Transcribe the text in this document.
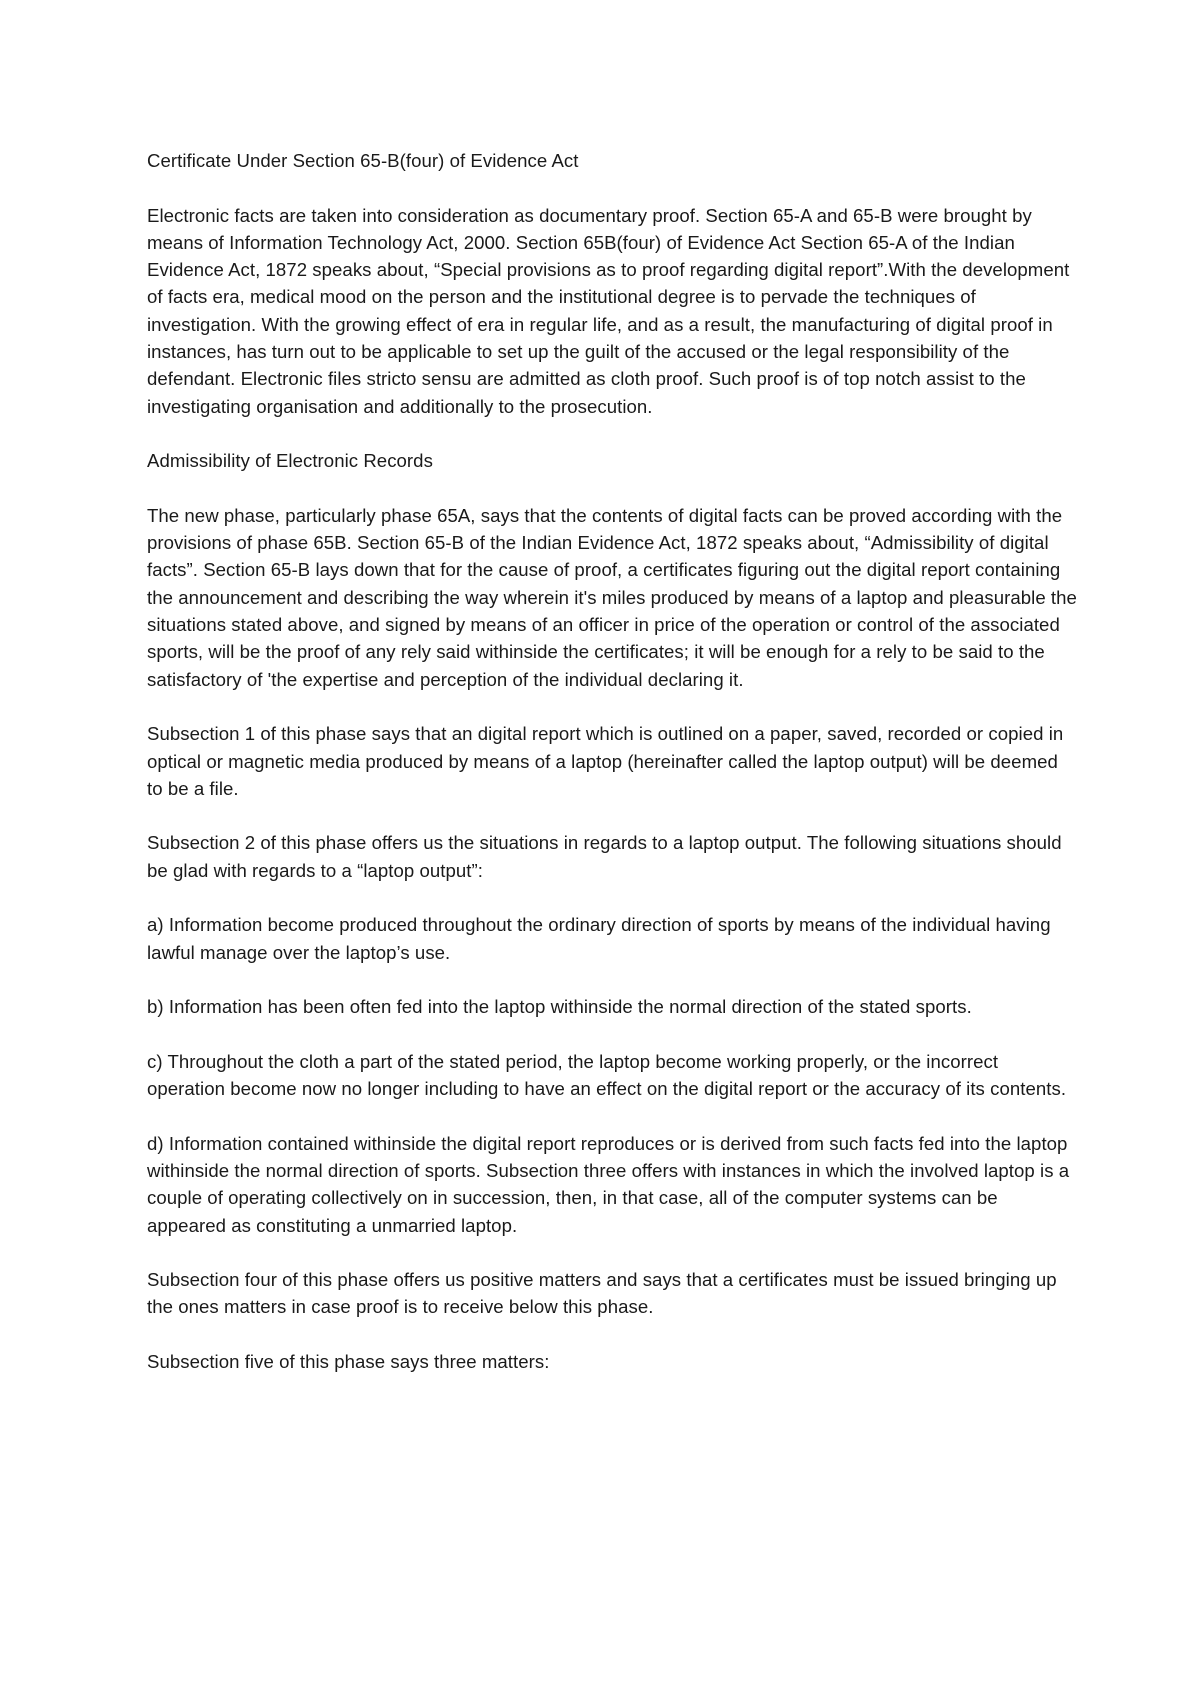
Certificate Under Section 65-B(four) of Evidence Act

Electronic facts are taken into consideration as documentary proof. Section 65-A and 65-B were brought by means of Information Technology Act, 2000. Section 65B(four) of Evidence Act Section 65-A of the Indian Evidence Act, 1872 speaks about, “Special provisions as to proof regarding digital report”.With the development of facts era, medical mood on the person and the institutional degree is to pervade the techniques of investigation. With the growing effect of era in regular life, and as a result, the manufacturing of digital proof in instances, has turn out to be applicable to set up the guilt of the accused or the legal responsibility of the defendant. Electronic files stricto sensu are admitted as cloth proof. Such proof is of top notch assist to the investigating organisation and additionally to the prosecution.

Admissibility of Electronic Records

The new phase, particularly phase 65A, says that the contents of digital facts can be proved according with the provisions of phase 65B. Section 65-B of the Indian Evidence Act, 1872 speaks about, “Admissibility of digital facts”. Section 65-B lays down that for the cause of proof, a certificates figuring out the digital report containing the announcement and describing the way wherein it's miles produced by means of a laptop and pleasurable the situations stated above, and signed by means of an officer in price of the operation or control of the associated sports, will be the proof of any rely said withinside the certificates; it will be enough for a rely to be said to the satisfactory of 'the expertise and perception of the individual declaring it.

Subsection 1 of this phase says that an digital report which is outlined on a paper, saved, recorded or copied in optical or magnetic media produced by means of a laptop (hereinafter called the laptop output) will be deemed to be a file.

Subsection 2 of this phase offers us the situations in regards to a laptop output. The following situations should be glad with regards to a “laptop output”:

a) Information become produced throughout the ordinary direction of sports by means of the individual having lawful manage over the laptop’s use.

b) Information has been often fed into the laptop withinside the normal direction of the stated sports.

c) Throughout the cloth a part of the stated period, the laptop become working properly, or the incorrect operation become now no longer including to have an effect on the digital report or the accuracy of its contents.

d) Information contained withinside the digital report reproduces or is derived from such facts fed into the laptop withinside the normal direction of sports. Subsection three offers with instances in which the involved laptop is a couple of operating collectively on in succession, then, in that case, all of the computer systems can be appeared as constituting a unmarried laptop.

Subsection four of this phase offers us positive matters and says that a certificates must be issued bringing up the ones matters in case proof is to receive below this phase.

Subsection five of this phase says three matters:
